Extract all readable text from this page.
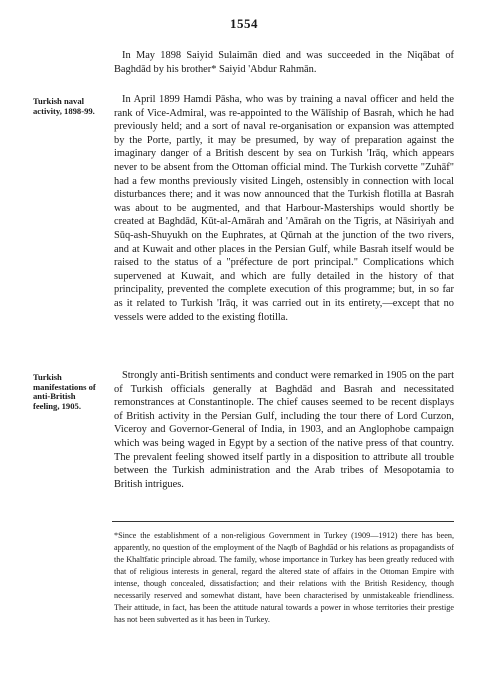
1554

Turkish naval activity, 1898-99.

Turkish manifestations of anti-British feeling, 1905.

In May 1898 Saiyid Sulaimān died and was succeeded in the Niqābat of Baghdād by his brother* Saiyid 'Abdur Rahmān.

In April 1899 Hamdi Pāsha, who was by training a naval officer and held the rank of Vice-Admiral, was re-appointed to the Wālīship of Basrah, which he had previously held; and a sort of naval re-organisation or expansion was attempted by the Porte, partly, it may be presumed, by way of preparation against the imaginary danger of a British descent by sea on Turkish 'Irāq, which appears never to be absent from the Ottoman official mind. The Turkish corvette "Zuhāf" had a few months previously visited Lingeh, ostensibly in connection with local disturbances there; and it was now announced that the Turkish flotilla at Basrah was about to be augmented, and that Harbour-Masterships would shortly be created at Baghdād, Kūt-al-Amārah and 'Amārah on the Tigris, at Nāsiriyah and Sūq-ash-Shuyukh on the Euphrates, at Qūrnah at the junction of the two rivers, and at Kuwait and other places in the Persian Gulf, while Basrah itself would be raised to the status of a "préfecture de port principal." Complications which supervened at Kuwait, and which are fully detailed in the history of that principality, prevented the complete execution of this programme; but, in so far as it related to Turkish 'Irāq, it was carried out in its entirety,—except that no vessels were added to the existing flotilla.

Strongly anti-British sentiments and conduct were remarked in 1905 on the part of Turkish officials generally at Baghdād and Basrah and necessitated remonstrances at Constantinople. The chief causes seemed to be recent displays of British activity in the Persian Gulf, including the tour there of Lord Curzon, Viceroy and Governor-General of India, in 1903, and an Anglophobe campaign which was being waged in Egypt by a section of the native press of that country. The prevalent feeling showed itself partly in a disposition to attribute all trouble between the Turkish administration and the Arab tribes of Mesopotamia to British intrigues.

*Since the establishment of a non-religious Government in Turkey (1909—1912) there has been, apparently, no question of the employment of the Naqīb of Baghdād or his relations as propagandists of the Khalīfatic principle abroad. The family, whose importance in Turkey has been greatly reduced with that of religious interests in general, regard the altered state of affairs in the Ottoman Empire with intense, though concealed, dissatisfaction; and their relations with the British Residency, though necessarily reserved and somewhat distant, have been characterised by unmistakeable friendliness. Their attitude, in fact, has been the attitude natural towards a power in whose territories their prestige has not been subverted as it has been in Turkey.
